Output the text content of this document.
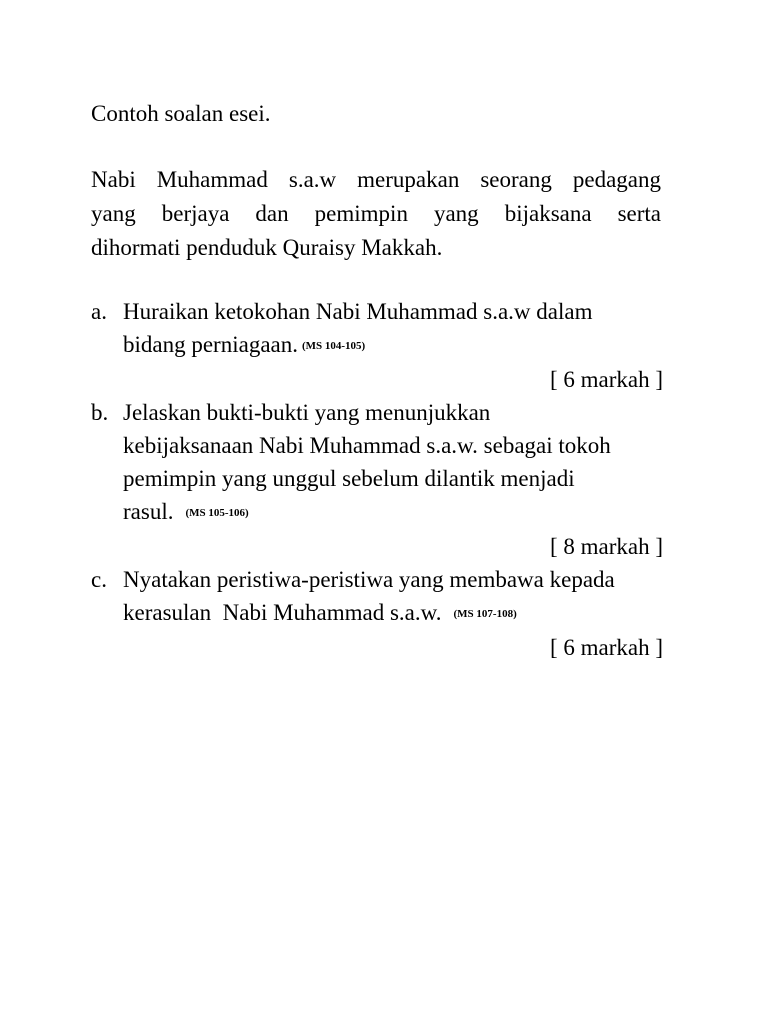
Contoh soalan esei.
Nabi Muhammad s.a.w merupakan seorang pedagang
yang berjaya dan pemimpin yang bijaksana serta
dihormati penduduk Quraisy Makkah.
a. Huraikan ketokohan Nabi Muhammad s.a.w dalam
bidang perniagaan. (MS 104-105)
[ 6 markah ]
b. Jelaskan bukti-bukti yang menunjukkan
kebijaksanaan Nabi Muhammad s.a.w. sebagai tokoh
pemimpin yang unggul sebelum dilantik menjadi
rasul. (MS 105-106)
[ 8 markah ]
c. Nyatakan peristiwa-peristiwa yang membawa kepada
kerasulan  Nabi Muhammad s.a.w. (MS 107-108)
[ 6 markah ]
